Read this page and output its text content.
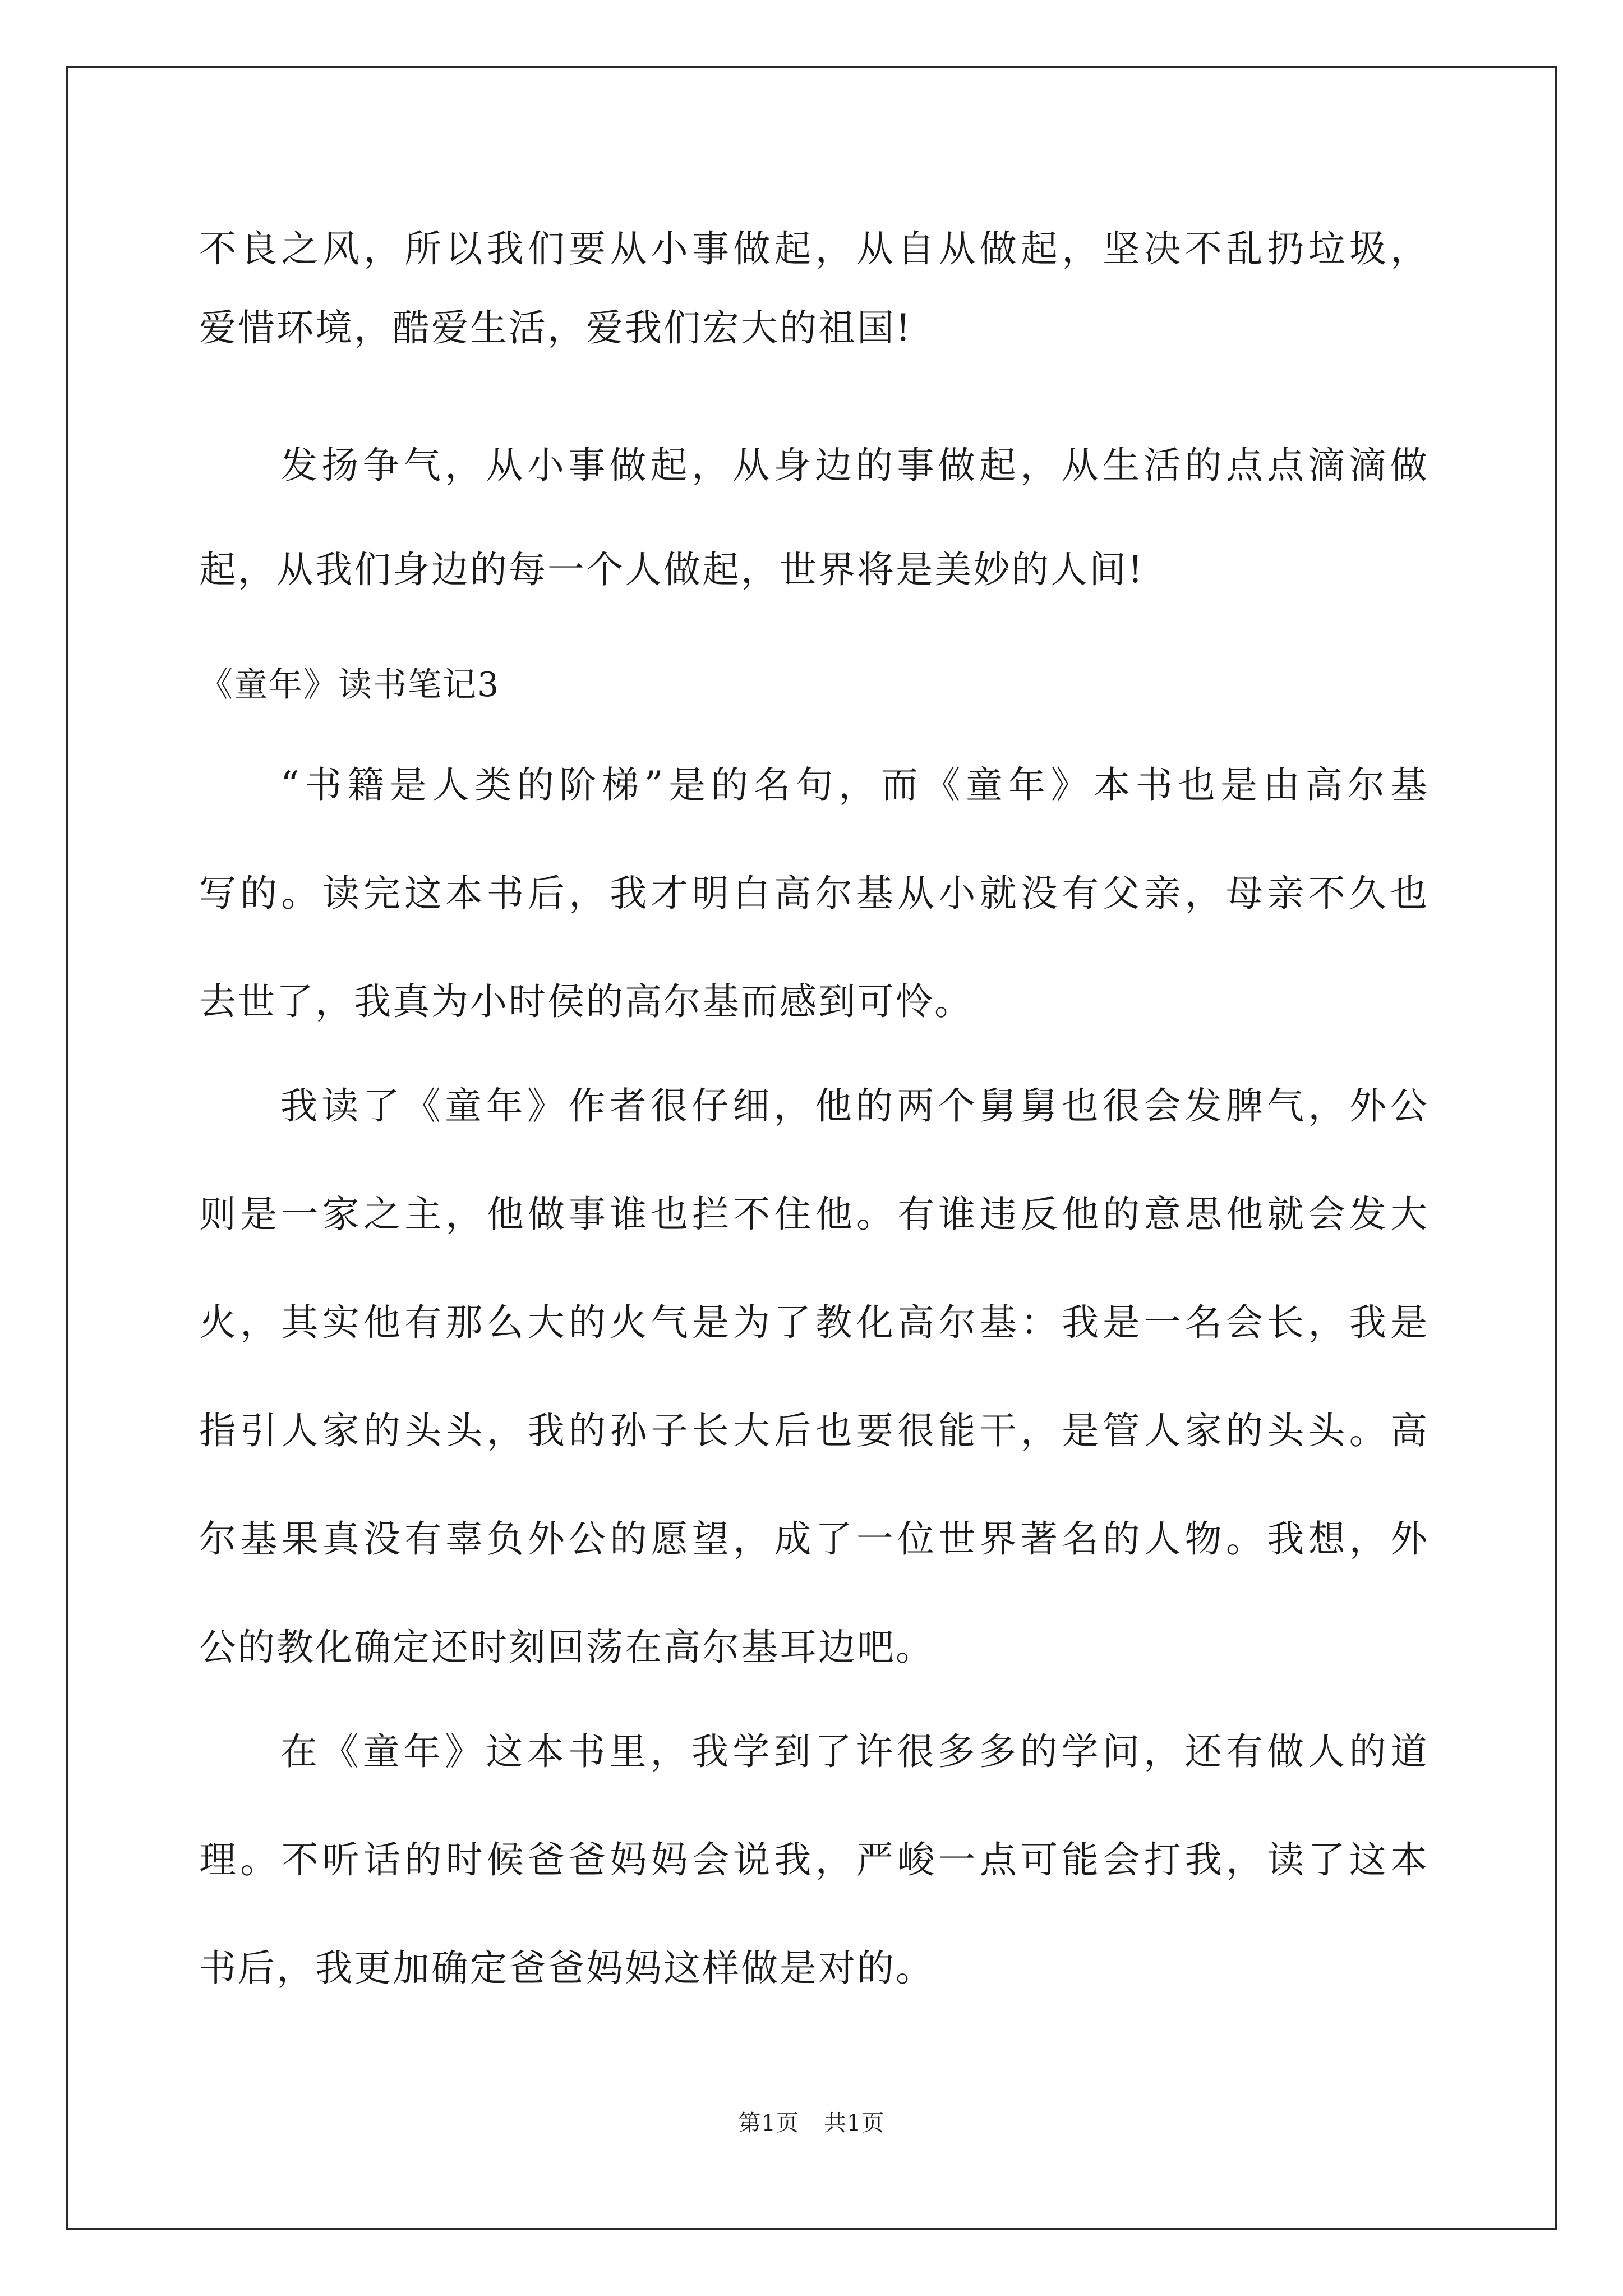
不良之风，所以我们要从小事做起，从自从做起，坚决不乱扔垃圾，
爱惜环境，酷爱生活，爱我们宏大的祖国!
发扬争气，从小事做起，从身边的事做起，从生活的点点滴滴做
起，从我们身边的每一个人做起，世界将是美妙的人间!
《童年》读书笔记3
“书籍是人类的阶梯”是的名句，而《童年》本书也是由高尔基
写的。读完这本书后，我才明白高尔基从小就没有父亲，母亲不久也
去世了，我真为小时侯的高尔基而感到可怜。
我读了《童年》作者很仔细，他的两个舅舅也很会发脾气，外公
则是一家之主，他做事谁也拦不住他。有谁违反他的意思他就会发大
火，其实他有那么大的火气是为了教化高尔基：我是一名会长，我是
指引人家的头头，我的孙子长大后也要很能干，是管人家的头头。高
尔基果真没有辜负外公的愿望，成了一位世界著名的人物。我想，外
公的教化确定还时刻回荡在高尔基耳边吧。
在《童年》这本书里，我学到了许很多多的学问，还有做人的道
理。不听话的时候爸爸妈妈会说我，严峻一点可能会打我，读了这本
书后，我更加确定爸爸妈妈这样做是对的。
第1页 共1页
